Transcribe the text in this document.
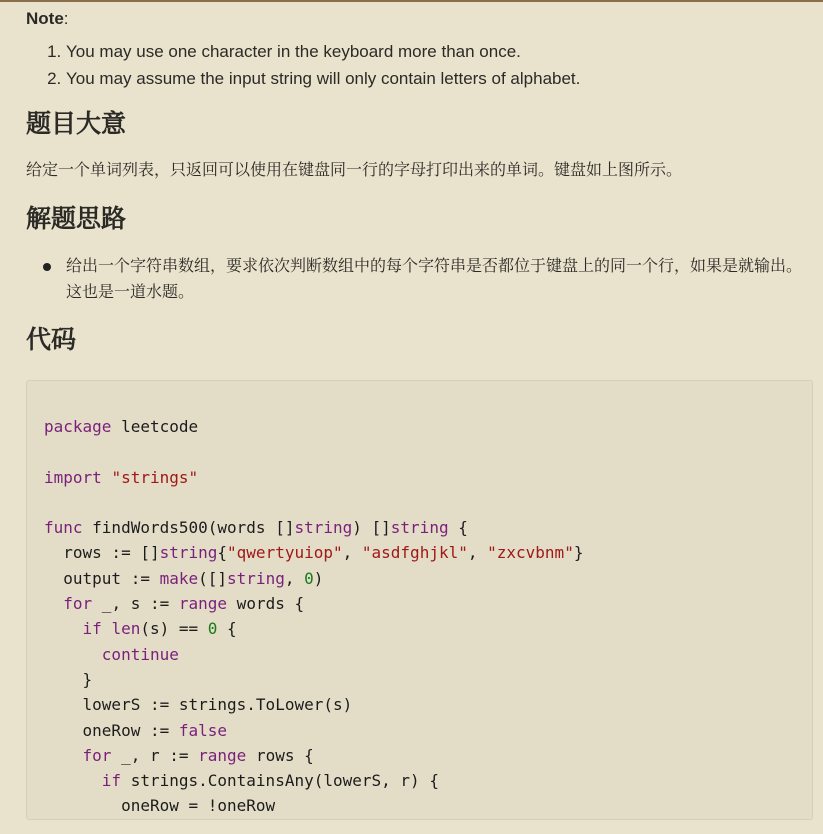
Note:

1. You may use one character in the keyboard more than once.
2. You may assume the input string will only contain letters of alphabet.
题目大意

给定一个单词列表，只返回可以使用在键盘同一行的字母打印出来的单词。键盘如上图所示。

解题思路
给出一个字符串数组，要求依次判断数组中的每个字符串是否都位于键盘上的同一个行，如果是就输出。这也是一道水题。
代码
package leetcode

import "strings"

func findWords500(words []string) []string {
rows := []string{"qwertyuiop", "asdfghjkl", "zxcvbnm"}
output := make([]string, 0)
for _, s := range words {
if len(s) == 0 {
continue
}
lowerS := strings.ToLower(s)
oneRow := false
for _, r := range rows {
if strings.ContainsAny(lowerS, r) {
oneRow = !oneRow
